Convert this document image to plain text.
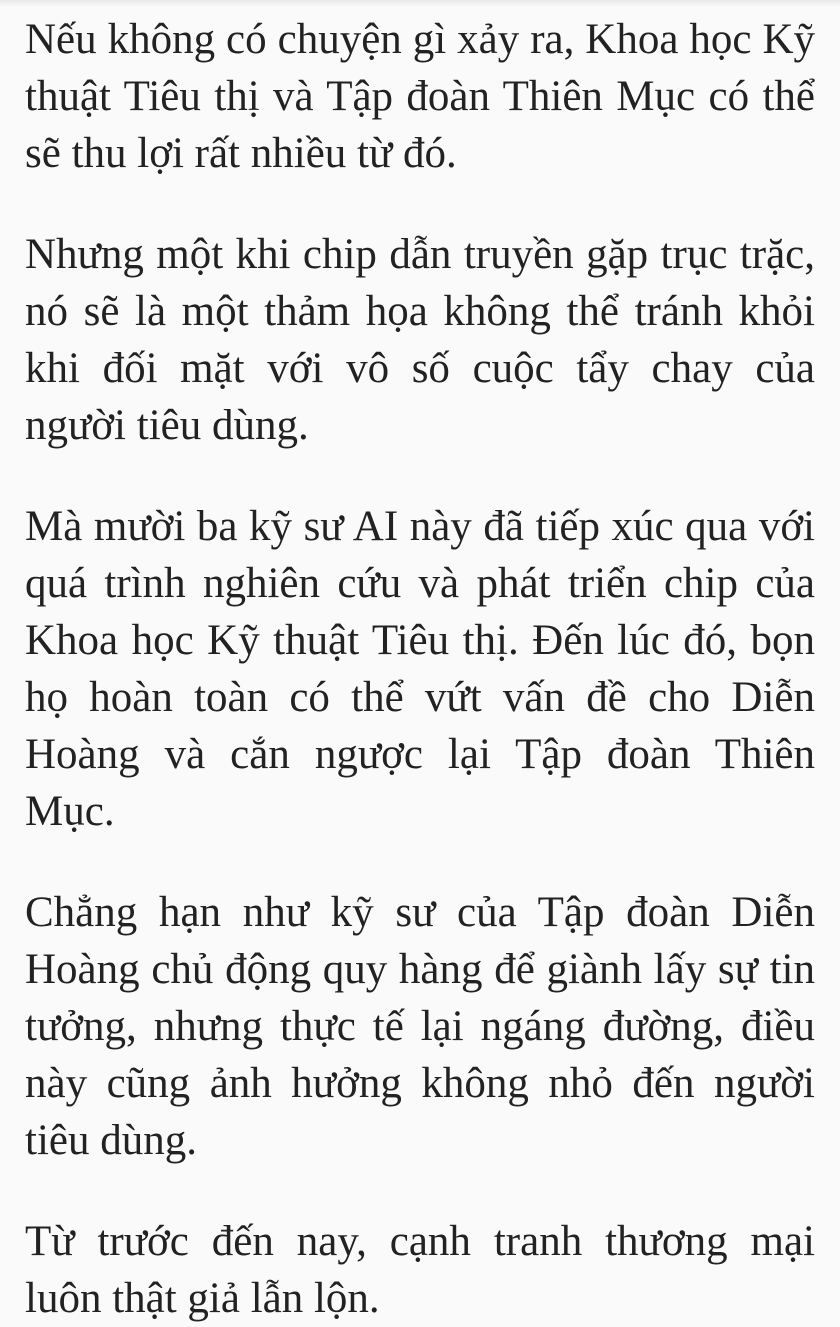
Nếu không có chuyện gì xảy ra, Khoa học Kỹ thuật Tiêu thị và Tập đoàn Thiên Mục có thể sẽ thu lợi rất nhiều từ đó.

Nhưng một khi chip dẫn truyền gặp trục trặc, nó sẽ là một thảm họa không thể tránh khỏi khi đối mặt với vô số cuộc tẩy chay của người tiêu dùng.

Mà mười ba kỹ sư AI này đã tiếp xúc qua với quá trình nghiên cứu và phát triển chip của Khoa học Kỹ thuật Tiêu thị. Đến lúc đó, bọn họ hoàn toàn có thể vứt vấn đề cho Diễn Hoàng và cắn ngược lại Tập đoàn Thiên Mục.

Chẳng hạn như kỹ sư của Tập đoàn Diễn Hoàng chủ động quy hàng để giành lấy sự tin tưởng, nhưng thực tế lại ngáng đường, điều này cũng ảnh hưởng không nhỏ đến người tiêu dùng.

Từ trước đến nay, cạnh tranh thương mại luôn thật giả lẫn lộn.
